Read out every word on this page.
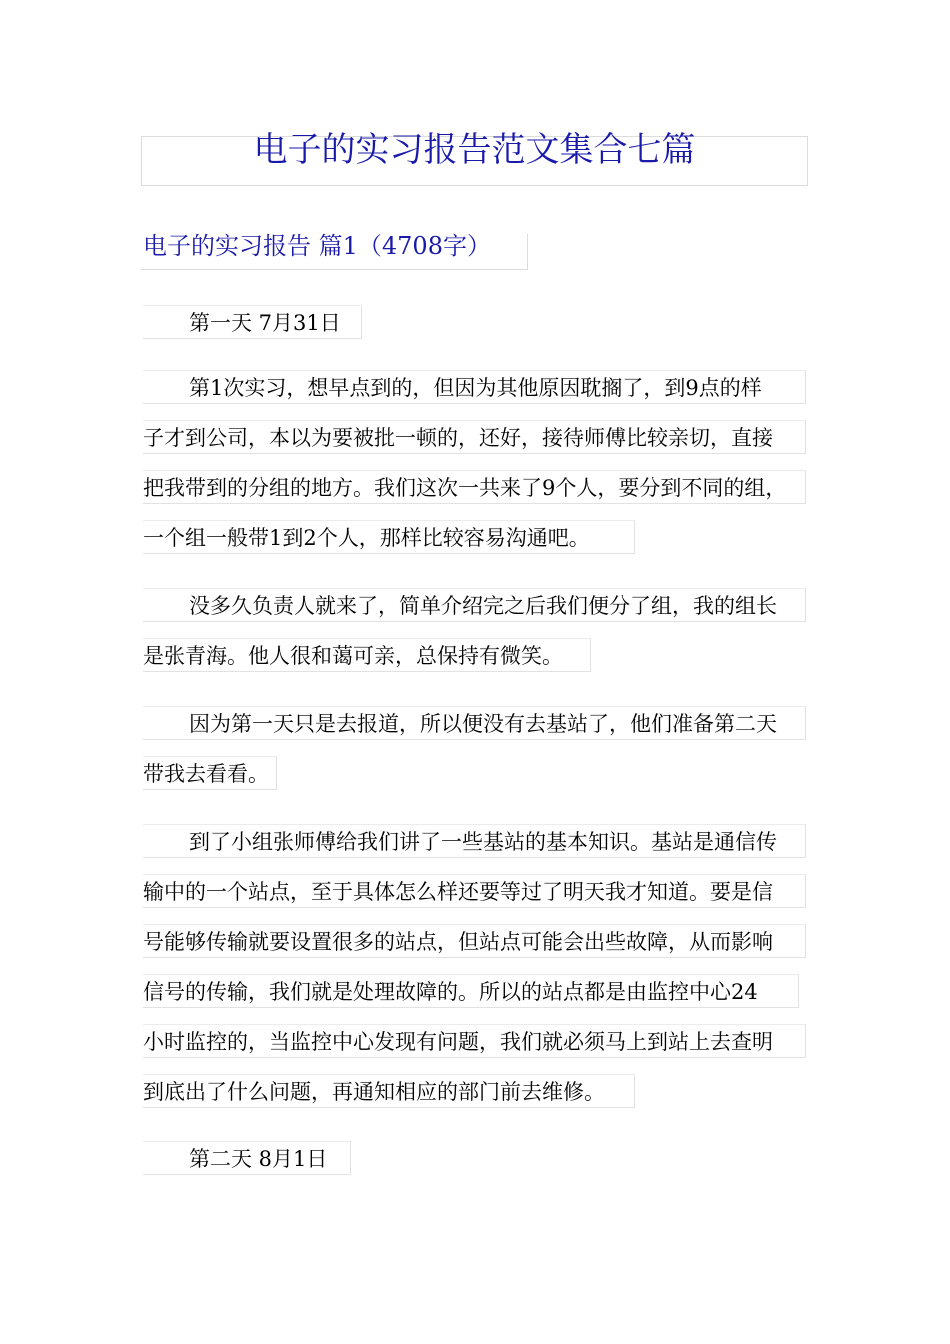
电子的实习报告范文集合七篇
电子的实习报告 篇1（4708字）
第一天 7月31日
第1次实习，想早点到的，但因为其他原因耽搁了，到9点的样
子才到公司，本以为要被批一顿的，还好，接待师傅比较亲切，直接
把我带到的分组的地方。我们这次一共来了9个人，要分到不同的组，
一个组一般带1到2个人，那样比较容易沟通吧。
没多久负责人就来了，简单介绍完之后我们便分了组，我的组长
是张青海。他人很和蔼可亲，总保持有微笑。
因为第一天只是去报道，所以便没有去基站了，他们准备第二天
带我去看看。
到了小组张师傅给我们讲了一些基站的基本知识。基站是通信传
输中的一个站点，至于具体怎么样还要等过了明天我才知道。要是信
号能够传输就要设置很多的站点，但站点可能会出些故障，从而影响
信号的传输，我们就是处理故障的。所以的站点都是由监控中心24
小时监控的，当监控中心发现有问题，我们就必须马上到站上去查明
到底出了什么问题，再通知相应的部门前去维修。
第二天 8月1日
